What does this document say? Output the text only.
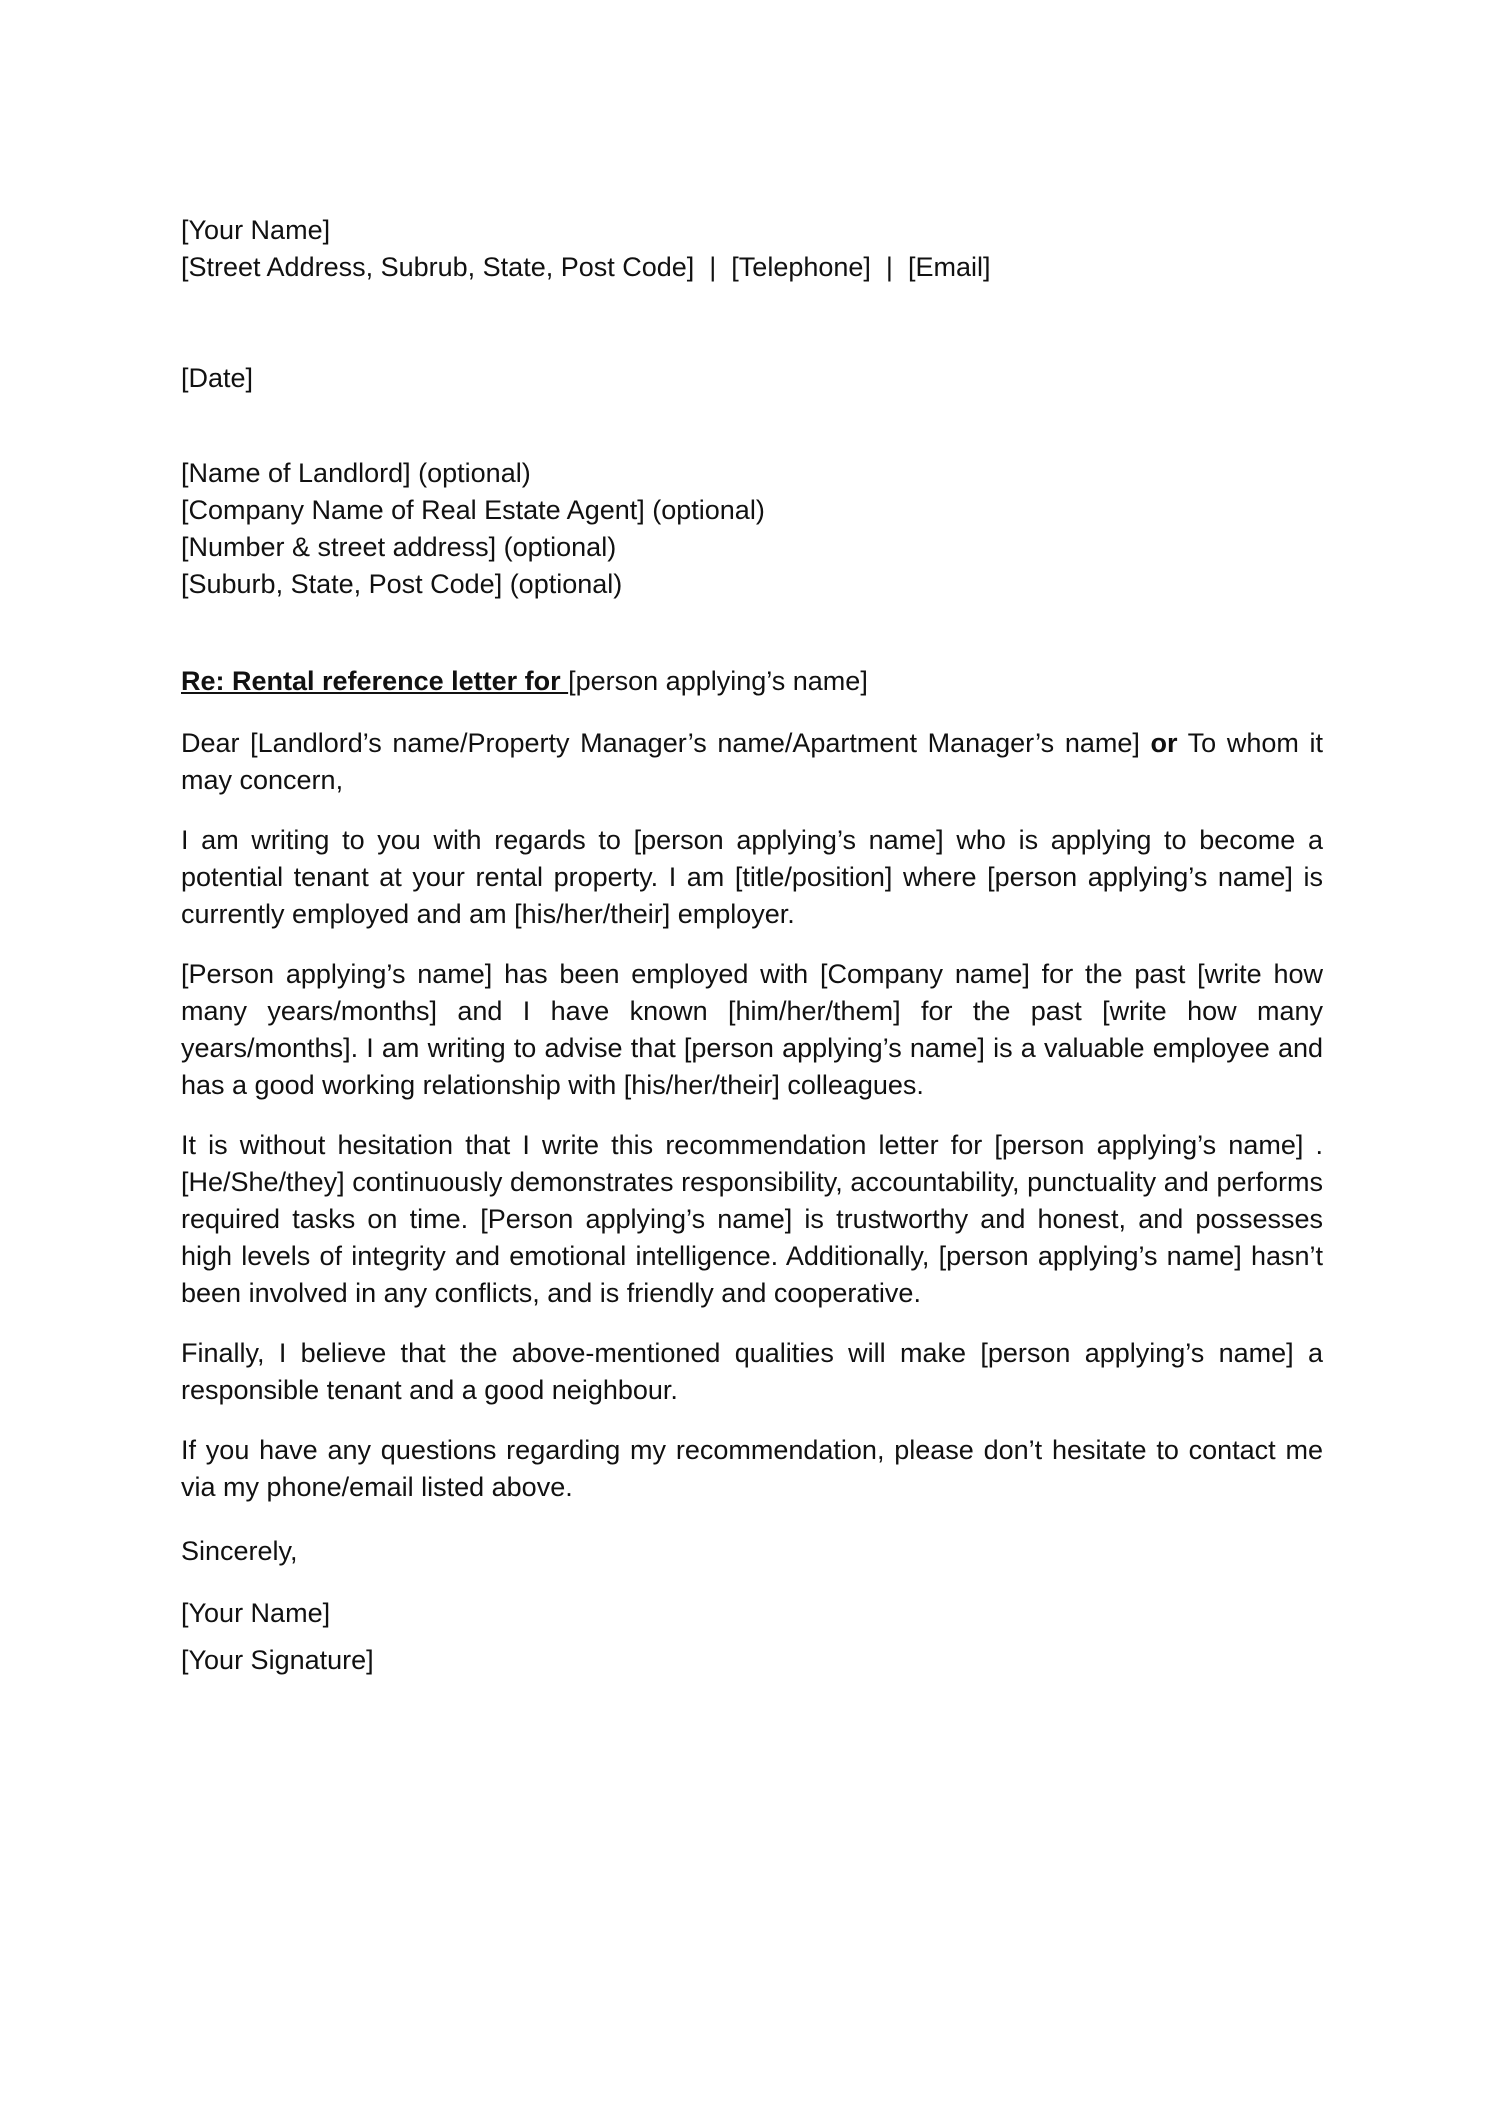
[Your Name]
[Street Address, Subrub, State, Post Code]  |  [Telephone]  |  [Email]
[Date]
[Name of Landlord] (optional)
[Company Name of Real Estate Agent] (optional)
[Number & street address] (optional)
[Suburb, State, Post Code] (optional)
Re: Rental reference letter for [person applying’s name]

Dear [Landlord’s name/Property Manager’s name/Apartment Manager’s name] or To whom it may concern,

I am writing to you with regards to [person applying’s name] who is applying to become a potential tenant at your rental property. I am [title/position] where [person applying’s name] is currently employed and am [his/her/their] employer.

[Person applying’s name] has been employed with [Company name] for the past [write how many years/months] and I have known [him/her/them] for the past [write how many years/months]. I am writing to advise that [person applying’s name] is a valuable employee and has a good working relationship with [his/her/their] colleagues.

It is without hesitation that I write this recommendation letter for [person applying’s name] . [He/She/they] continuously demonstrates responsibility, accountability, punctuality and performs required tasks on time. [Person applying’s name] is trustworthy and honest, and possesses high levels of integrity and emotional intelligence. Additionally, [person applying’s name] hasn’t been involved in any conflicts, and is friendly and cooperative.

Finally, I believe that the above-mentioned qualities will make [person applying’s name] a responsible tenant and a good neighbour.

If you have any questions regarding my recommendation, please don’t hesitate to contact me via my phone/email listed above.

Sincerely,
[Your Name]
[Your Signature]
